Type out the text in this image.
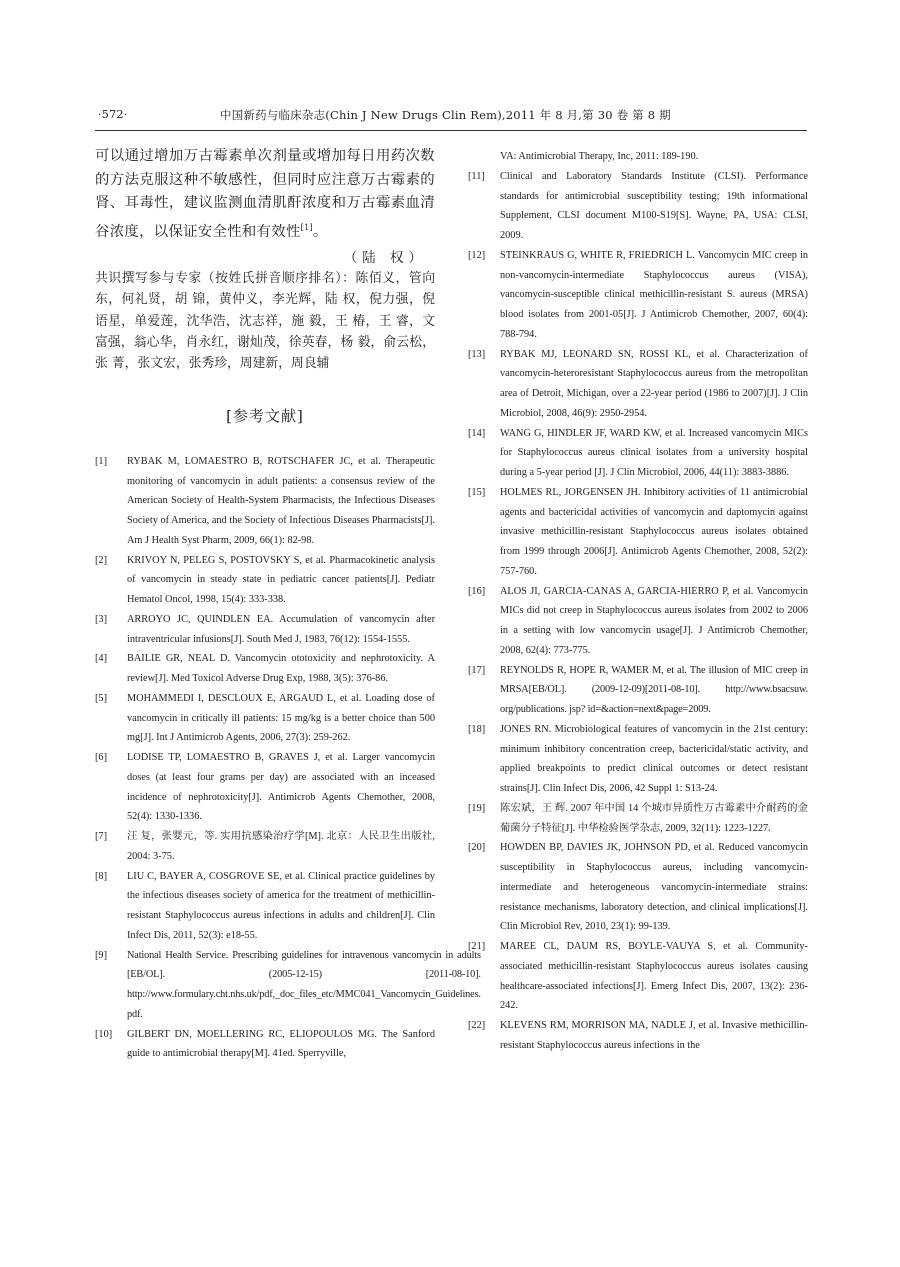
·572·	中国新药与临床杂志(Chin J New Drugs Clin Rem),2011 年 8 月,第 30 卷 第 8 期

可以通过增加万古霉素单次剂量或增加每日用药次数的方法克服这种不敏感性，但同时应注意万古霉素的肾、耳毒性，建议监测血清肌酐浓度和万古霉素血清谷浓度，以保证安全性和有效性[1]。

（陆 权）

共识撰写参与专家（按姓氏拼音顺序排名）：陈佰义，管向东，何礼贤，胡 锦，黄仲义，李光辉，陆 权，倪力强，倪语星，单爱莲，沈华浩，沈志祥，施 毅，王 椿，王 睿，文富强，翁心华，肖永红，谢灿茂，徐英春，杨 毅，俞云松，张 菁，张文宏，张秀珍，周建新，周良辅

[参考文献]
[1]	RYBAK M, LOMAESTRO B, ROTSCHAFER JC, et al. Therapeutic monitoring of vancomycin in adult patients: a consensus review of the American Society of Health-System Pharmacists, the Infectious Diseases Society of America, and the Society of Infectious Diseases Pharmacists[J]. Am J Health Syst Pharm, 2009, 66(1): 82-98.
[2]	KRIVOY N, PELEG S, POSTOVSKY S, et al. Pharmacokinetic analysis of vancomycin in steady state in pediatric cancer patients[J]. Pediatr Hematol Oncol, 1998, 15(4): 333-338.
[3]	ARROYO JC, QUINDLEN EA. Accumulation of vancomycin after intraventricular infusions[J]. South Med J, 1983, 76(12): 1554-1555.
[4]	BAILIE GR, NEAL D. Vancomycin ototoxicity and nephrotoxicity. A review[J]. Med Toxicol Adverse Drug Exp, 1988, 3(5): 376-86.
[5]	MOHAMMEDI I, DESCLOUX E, ARGAUD L, et al. Loading dose of vancomycin in critically ill patients: 15 mg/kg is a better choice than 500 mg[J]. Int J Antimicrob Agents, 2006, 27(3): 259-262.
[6]	LODISE TP, LOMAESTRO B, GRAVES J, et al. Larger vancomycin doses (at least four grams per day) are associated with an inceased incidence of nephrotoxicity[J]. Antimicrob Agents Chemother, 2008, 52(4): 1330-1336.
[7]	汪 复，张婴元，等. 实用抗感染治疗学[M]. 北京：人民卫生出版社, 2004: 3-75.
[8]	LIU C, BAYER A, COSGROVE SE, et al. Clinical practice guidelines by the infectious diseases society of america for the treatment of methicillin-resistant Staphylococcus aureus infections in adults and children[J]. Clin Infect Dis, 2011, 52(3): e18-55.
[9]	National Health Service. Prescribing guidelines for intravenous vancomycin in adults [EB/OL]. (2005-12-15) [2011-08-10]. http://www.formulary.cht.nhs.uk/pdf,_doc_files_etc/MMC041_Vancomycin_Guidelines. pdf.
[10]	GILBERT DN, MOELLERING RC, ELIOPOULOS MG. The Sanford guide to antimicrobial therapy[M]. 41ed. Sperryville,
VA: Antimicrobial Therapy, Inc, 2011: 189-190.
[11]	Clinical and Laboratory Standards Institute (CLSI). Performance standards for antimicrobial susceptibility testing; 19th informational Supplement, CLSI document M100-S19[S]. Wayne, PA, USA: CLSI, 2009.
[12]	STEINKRAUS G, WHITE R, FRIEDRICH L. Vancomycin MIC creep in non-vancomycin-intermediate Staphylococcus aureus (VISA), vancomycin-susceptible clinical methicillin-resistant S. aureus (MRSA) blood isolates from 2001-05[J]. J Antimicrob Chemother, 2007, 60(4): 788-794.
[13]	RYBAK MJ, LEONARD SN, ROSSI KL, et al. Characterization of vancomycin-heteroresistant Staphylococcus aureus from the metropolitan area of Detroit, Michigan, over a 22-year period (1986 to 2007)[J]. J Clin Microbiol, 2008, 46(9): 2950-2954.
[14]	WANG G, HINDLER JF, WARD KW, et al. Increased vancomycin MICs for Staphylococcus aureus clinical isolates from a university hospital during a 5-year period [J]. J Clin Microbiol, 2006, 44(11): 3883-3886.
[15]	HOLMES RL, JORGENSEN JH. Inhibitory activities of 11 antimicrobial agents and bactericidal activities of vancomycin and daptomycin against invasive methicillin-resistant Staphylococcus aureus isolates obtained from 1999 through 2006[J]. Antimicrob Agents Chemother, 2008, 52(2): 757-760.
[16]	ALOS JI, GARCIA-CANAS A, GARCIA-HIERRO P, et al. Vancomycin MICs did not creep in Staphylococcus aureus isolates from 2002 to 2006 in a setting with low vancomycin usage[J]. J Antimicrob Chemother, 2008, 62(4): 773-775.
[17]	REYNOLDS R, HOPE R, WAMER M, et al. The illusion of MIC creep in MRSA[EB/OL]. (2009-12-09)[2011-08-10]. http://www.bsacsuw. org/publications. jsp? id=&action=next&page=2009.
[18]	JONES RN. Microbiological features of vancomycin in the 21st century: minimum inhibitory concentration creep, bactericidal/static activity, and applied breakpoints to predict clinical outcomes or detect resistant strains[J]. Clin Infect Dis, 2006, 42 Suppl 1: S13-24.
[19]	陈宏斌，王 辉. 2007 年中国 14 个城市异质性万古霉素中介耐药的金葡菌分子特征[J]. 中华检验医学杂志, 2009, 32(11): 1223-1227.
[20]	HOWDEN BP, DAVIES JK, JOHNSON PD, et al. Reduced vancomycin susceptibility in Staphylococcus aureus, including vancomycin-intermediate and heterogeneous vancomycin-intermediate strains: resistance mechanisms, laboratory detection, and clinical implications[J]. Clin Microbiol Rev, 2010, 23(1): 99-139.
[21]	MAREE CL, DAUM RS, BOYLE-VAUYA S, et al. Community-associated methicillin-resistant Staphylococcus aureus isolates causing healthcare-associated infections[J]. Emerg Infect Dis, 2007, 13(2): 236-242.
[22]	KLEVENS RM, MORRISON MA, NADLE J, et al. Invasive methicillin-resistant Staphylococcus aureus infections in the
